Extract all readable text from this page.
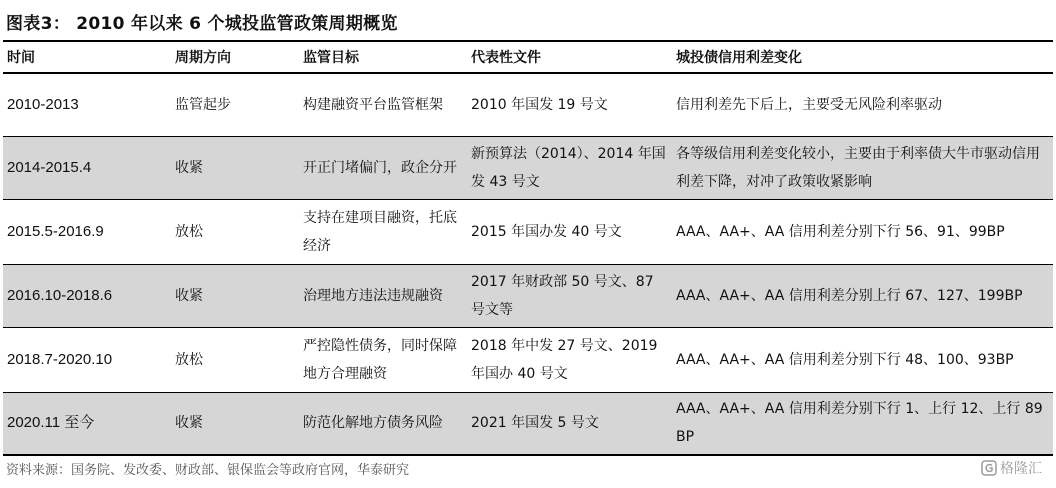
图表3： 2010 年以来 6 个城投监管政策周期概览
时间	周期方向	监管目标	代表性文件	城投债信用利差变化
2010-2013	监管起步	构建融资平台监管框架	2010 年国发 19 号文	信用利差先下后上，主要受无风险利率驱动
2014-2015.4	收紧	开正门堵偏门，政企分开	新预算法（2014）、2014 年国发 43 号文	各等级信用利差变化较小，主要由于利率债大牛市驱动信用利差下降，对冲了政策收紧影响
2015.5-2016.9	放松	支持在建项目融资，托底经济	2015 年国办发 40 号文	AAA、AA+、AA 信用利差分别下行 56、91、99BP
2016.10-2018.6	收紧	治理地方违法违规融资	2017 年财政部 50 号文、87 号文等	AAA、AA+、AA 信用利差分别上行 67、127、199BP
2018.7-2020.10	放松	严控隐性债务，同时保障地方合理融资	2018 年中发 27 号文、2019 年国办 40 号文	AAA、AA+、AA 信用利差分别下行 48、100、93BP
2020.11 至今	收紧	防范化解地方债务风险	2021 年国发 5 号文	AAA、AA+、AA 信用利差分别下行 1、上行 12、上行 89BP
资料来源：国务院、发改委、财政部、银保监会等政府官网，华泰研究	格隆汇
